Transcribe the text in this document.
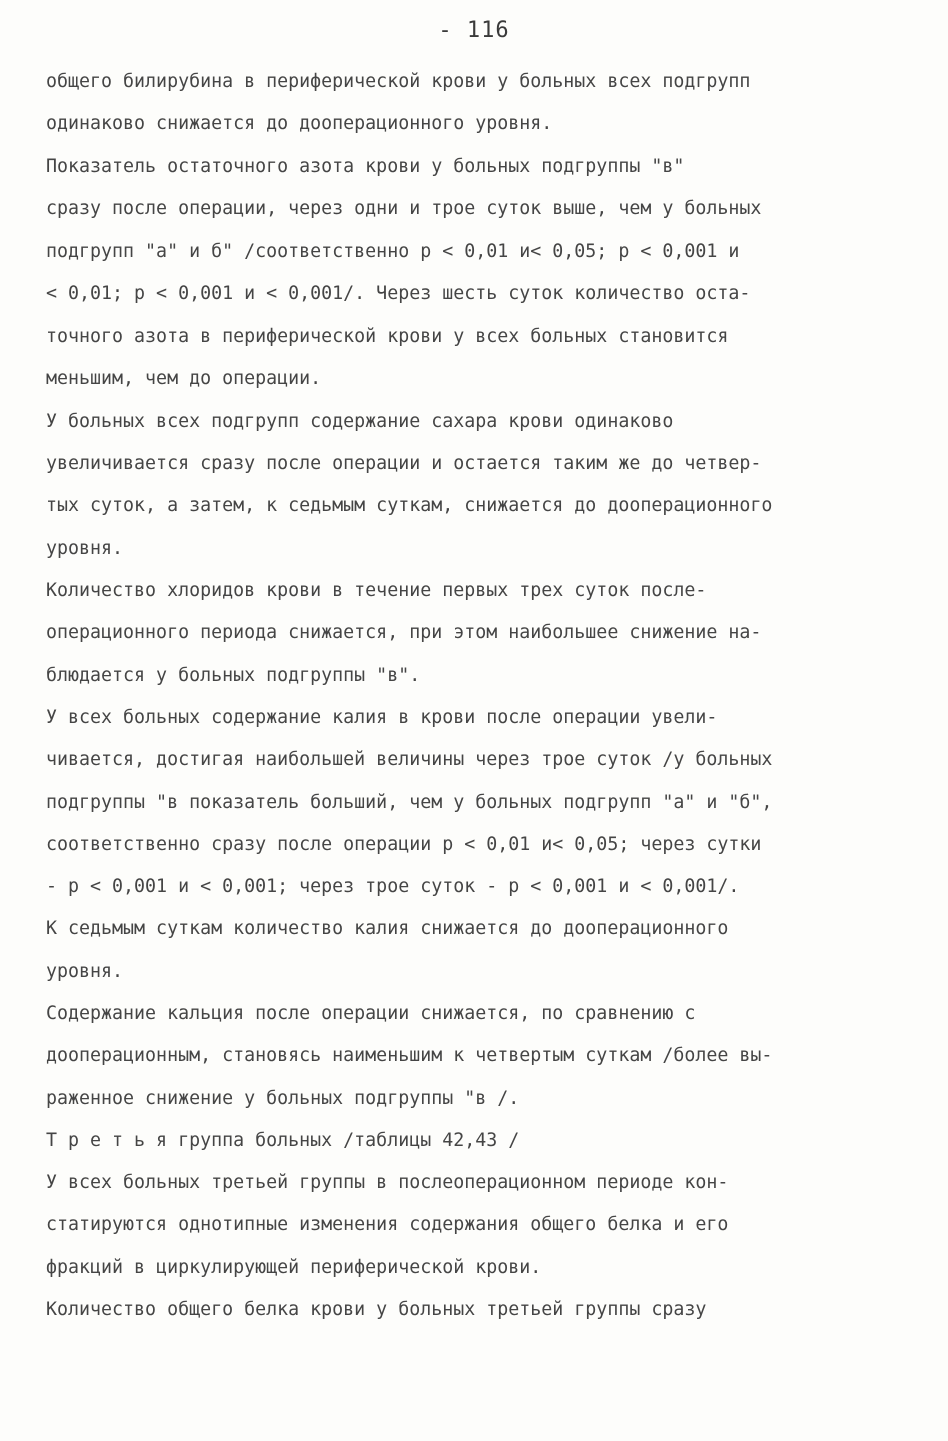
- 116
общего билирубина в периферической крови у больных всех подгрупп
одинаково снижается до дооперационного уровня.
Показатель остаточного азота крови у больных подгруппы "в"
сразу после операции, через одни и трое суток выше, чем у больных
подгрупп "а" и б" /соответственно р < 0,01 и< 0,05; р < 0,001 и
< 0,01; р < 0,001 и < 0,001/. Через шесть суток количество оста-
точного азота в периферической крови у всех больных становится
меньшим, чем до операции.
У больных всех подгрупп содержание сахара крови одинаково
увеличивается сразу после операции и остается таким же до четвер-
тых суток, а затем, к седьмым суткам, снижается до дооперационного
уровня.
Количество хлоридов крови в течение первых трех суток после-
операционного периода снижается, при этом наибольшее снижение на-
блюдается у больных подгруппы "в".
У всех больных содержание калия в крови после операции увели-
чивается, достигая наибольшей величины через трое суток /у больных
подгруппы "в показатель больший, чем у больных подгрупп "а" и "б",
соответственно сразу после операции р < 0,01 и< 0,05; через сутки
- р < 0,001 и < 0,001; через трое суток - р < 0,001 и < 0,001/.
К седьмым суткам количество калия снижается до дооперационного
уровня.
Содержание кальция после операции снижается, по сравнению с
дооперационным, становясь наименьшим к четвертым суткам /более вы-
раженное снижение у больных подгруппы "в /.
Т р е т ь я группа больных /таблицы 42,43 /
У всех больных третьей группы в послеоперационном периоде кон-
статируются однотипные изменения содержания общего белка и его
фракций в циркулирующей периферической крови.
Количество общего белка крови у больных третьей группы сразу
